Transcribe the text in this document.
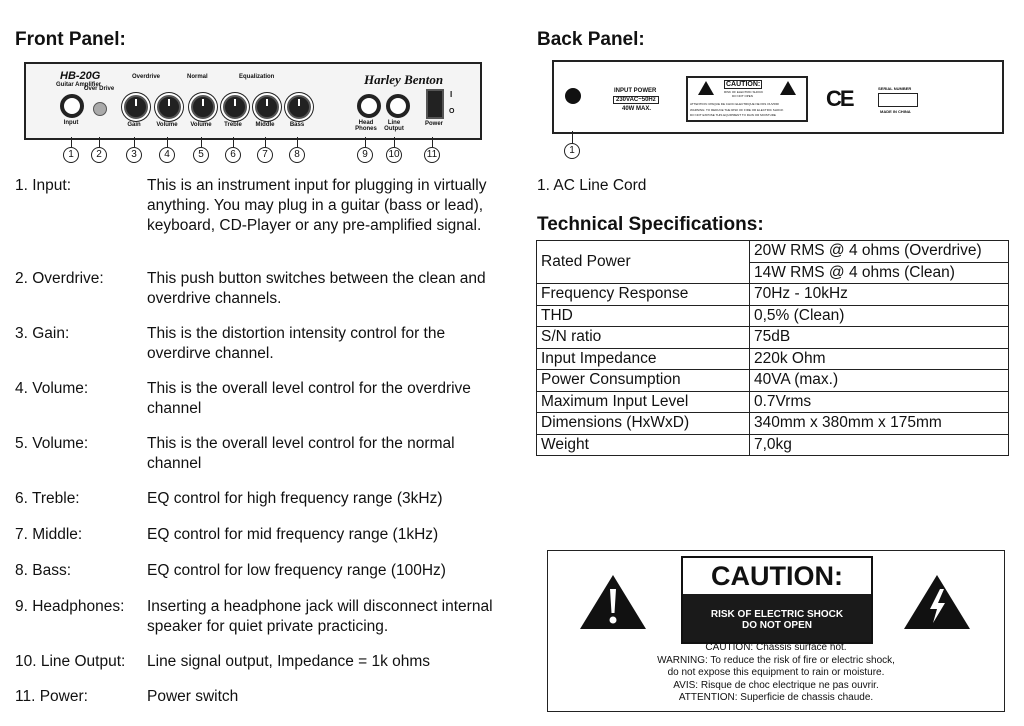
Front Panel:	Back Panel:
HB-20G
Guitar Amplifier
Overdrive	Normal	Equalization	Harley Benton
Input
Over Drive
Gain	Volume	Volume	Treble	Middle	Bass	Head Phones
Line Output
I
O
Power
1	2	3	4	5	6	7	8	9	10	11
INPUT POWER
230VAC~50Hz
40W MAX.
CAUTION:
RISK OF ELECTRIC SHOCK
DO NOT OPEN
ATTENTION: RISQUE DE CHOC ELECTRIQUE NE PAS OUVRIR
WARNING: TO REDUCE THE RISK OF FIRE OR ELECTRIC SHOCK
DO NOT EXPOSE THIS EQUIPMENT TO RAIN OR MOISTURE
CE	SERIAL NUMBER
MADE IN CHINA
1
1. AC Line Cord
1. Input:	This is an instrument input for plugging in virtually anything. You may plug in a guitar (bass or lead), keyboard, CD-Player or any pre-amplified signal.
2. Overdrive:	This push button switches between the clean and overdrive channels.
3. Gain:	This is the distortion intensity control for the overdirve channel.
4. Volume:	This is the overall level control for the overdrive channel
5. Volume:	This is the overall level control for the normal channel
6. Treble:	EQ control for high frequency range (3kHz)
7. Middle:	EQ control for mid frequency range (1kHz)
8. Bass:	EQ control for low frequency range (100Hz)
9. Headphones: Inserting a headphone jack will disconnect internal speaker for quiet private practicing.
10. Line Output: Line signal output, Impedance = 1k ohms
11. Power:	Power switch
Technical Specifications:
Rated Power	20W RMS @ 4 ohms (Overdrive)
	14W RMS @ 4 ohms (Clean)
Frequency Response	70Hz - 10kHz
THD	0,5% (Clean)
S/N ratio	75dB
Input Impedance	220k Ohm
Power Consumption	40VA (max.)
Maximum Input Level	0.7Vrms
Dimensions (HxWxD)	340mm x 380mm x 175mm
Weight	7,0kg
CAUTION:
RISK OF ELECTRIC SHOCK
DO NOT OPEN
CAUTION: Chassis surface hot.
WARNING: To reduce the risk of fire or electric shock,
do not expose this equipment to rain or moisture.
AVIS: Risque de choc electrique ne pas ouvrir.
ATTENTION: Superficie de chassis chaude.
